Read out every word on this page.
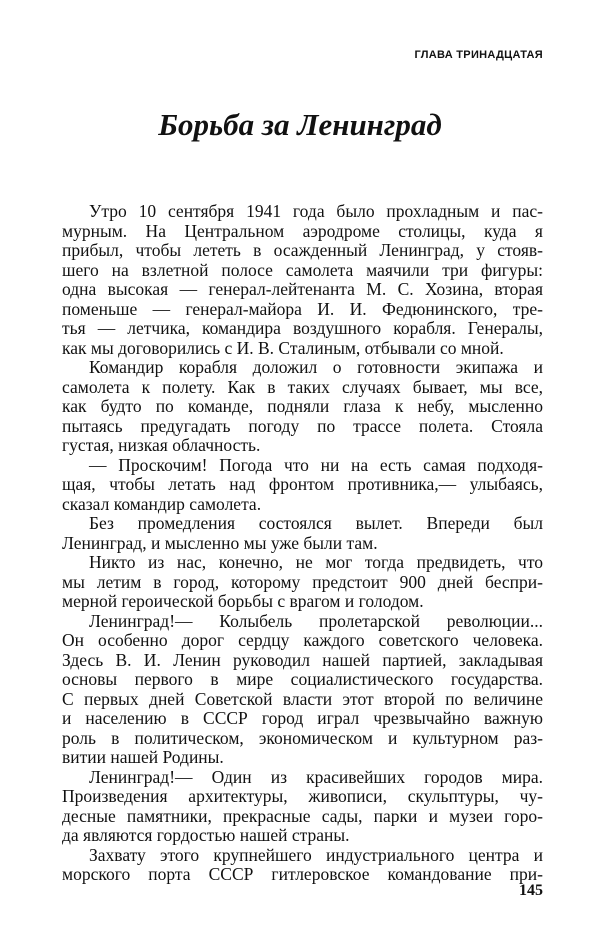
ГЛАВА ТРИНАДЦАТАЯ
Борьба за Ленинград
Утро 10 сентября 1941 года было прохладным и пас-
мурным. На Центральном аэродроме столицы, куда я
прибыл, чтобы лететь в осажденный Ленинград, у стояв-
шего на взлетной полосе самолета маячили три фигуры:
одна высокая — генерал-лейтенанта М. С. Хозина, вторая
поменьше — генерал-майора И. И. Федюнинского, тре-
тья — летчика, командира воздушного корабля. Генералы,
как мы договорились с И. В. Сталиным, отбывали со мной.
Командир корабля доложил о готовности экипажа и
самолета к полету. Как в таких случаях бывает, мы все,
как будто по команде, подняли глаза к небу, мысленно
пытаясь предугадать погоду по трассе полета. Стояла
густая, низкая облачность.
— Проскочим! Погода что ни на есть самая подходя-
щая, чтобы летать над фронтом противника,— улыбаясь,
сказал командир самолета.
Без промедления состоялся вылет. Впереди был
Ленинград, и мысленно мы уже были там.
Никто из нас, конечно, не мог тогда предвидеть, что
мы летим в город, которому предстоит 900 дней беспри-
мерной героической борьбы с врагом и голодом.
Ленинград!— Колыбель пролетарской революции...
Он особенно дорог сердцу каждого советского человека.
Здесь В. И. Ленин руководил нашей партией, закладывая
основы первого в мире социалистического государства.
С первых дней Советской власти этот второй по величине
и населению в СССР город играл чрезвычайно важную
роль в политическом, экономическом и культурном раз-
витии нашей Родины.
Ленинград!— Один из красивейших городов мира.
Произведения архитектуры, живописи, скульптуры, чу-
десные памятники, прекрасные сады, парки и музеи горо-
да являются гордостью нашей страны.
Захвату этого крупнейшего индустриального центра и
морского порта СССР гитлеровское командование при-
145
